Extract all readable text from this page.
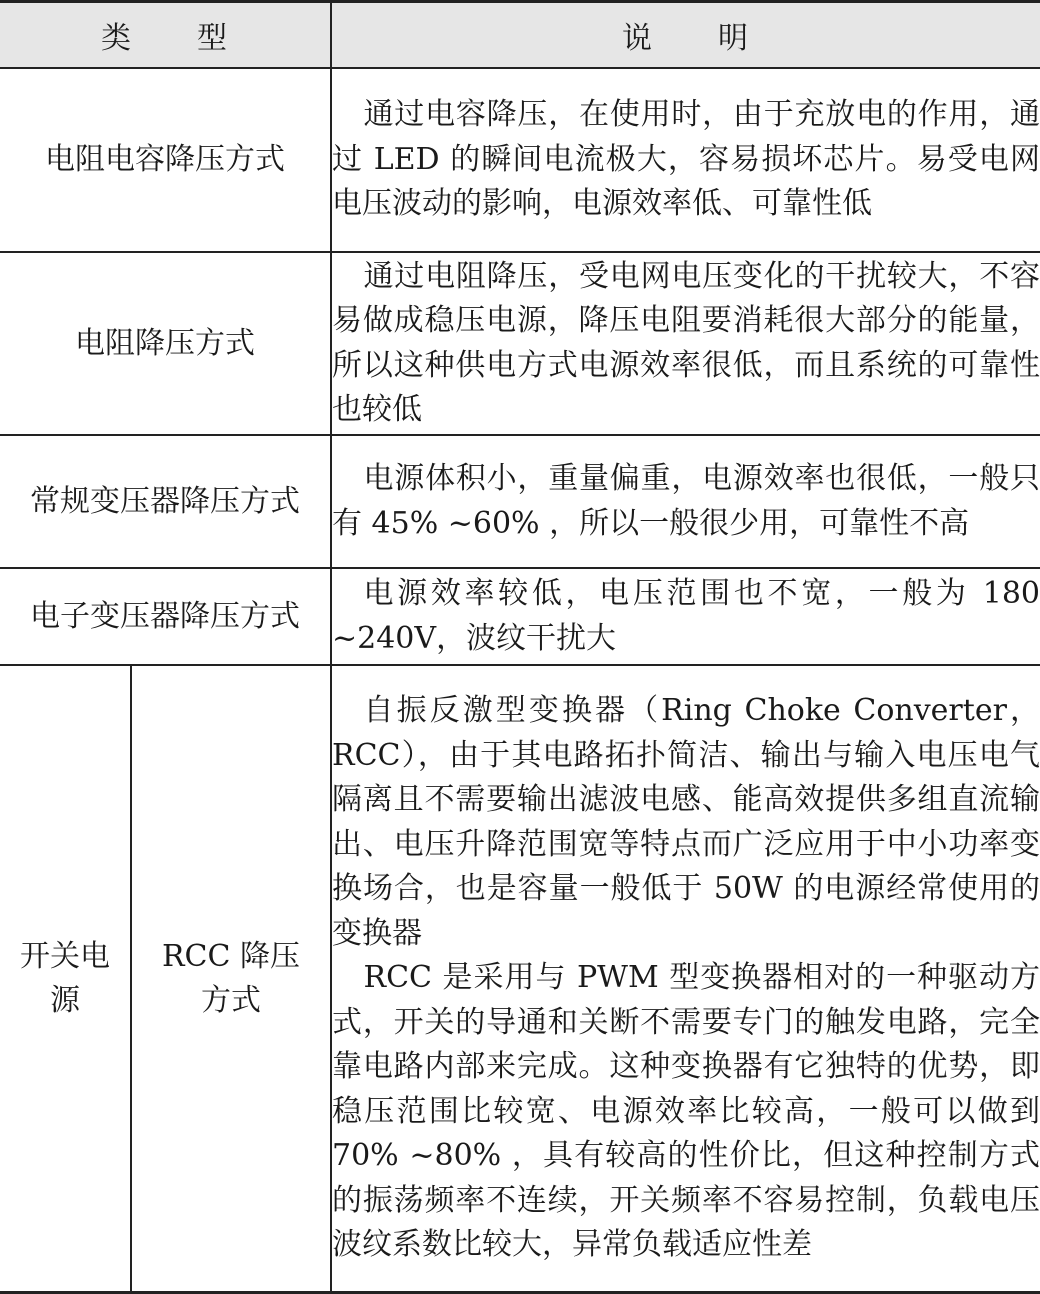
类　　型		说　　明
电阻电容降压方式		通过电容降压，在使用时，由于充放电的作用，通过 LED 的瞬间电流极大，容易损坏芯片。易受电网电压波动的影响，电源效率低、可靠性低

电阻降压方式		通过电阻降压，受电网电压变化的干扰较大，不容易做成稳压电源，降压电阻要消耗很大部分的能量，所以这种供电方式电源效率很低，而且系统的可靠性也较低

常规变压器降压方式		电源体积小，重量偏重，电源效率也很低，一般只有 45% ~60% ，所以一般很少用，可靠性不高

电子变压器降压方式		电源效率较低，电压范围也不宽，一般为 180 ~240V，波纹干扰大

开关电源	RCC 降压方式	自振反激型变换器（Ring Choke Converter，RCC），由于其电路拓扑简洁、输出与输入电压电气隔离且不需要输出滤波电感、能高效提供多组直流输出、电压升降范围宽等特点而广泛应用于中小功率变换场合，也是容量一般低于 50W 的电源经常使用的变换器

RCC 是采用与 PWM 型变换器相对的一种驱动方式，开关的导通和关断不需要专门的触发电路，完全靠电路内部来完成。这种变换器有它独特的优势，即稳压范围比较宽、电源效率比较高，一般可以做到 70% ~80% ，具有较高的性价比，但这种控制方式的振荡频率不连续，开关频率不容易控制，负载电压波纹系数比较大，异常负载适应性差
